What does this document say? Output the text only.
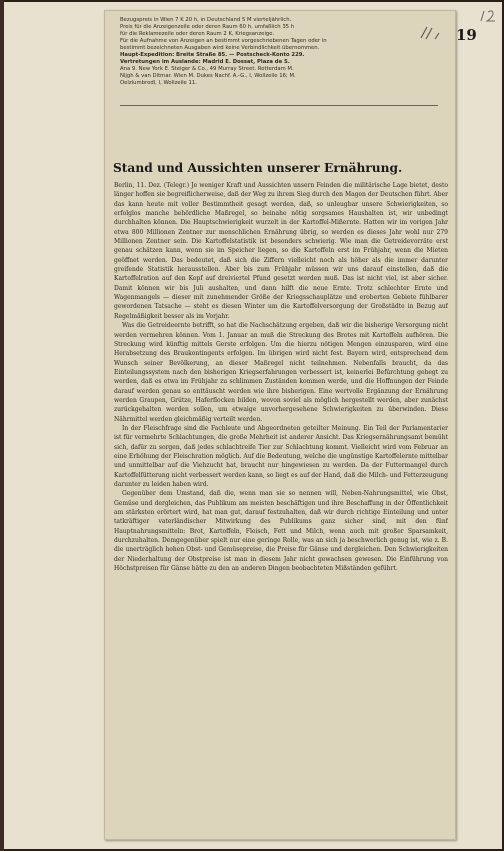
Bezugspreis in Wien 7 K 20 h, in Deutschland 5 M vierteljährlich.
Preis für die Anzeigenzeile oder deren Raum 60 h, umfaßlich 35 h
für die Reklamezeile oder deren Raum 2 K, Kriegsanzeige.
Für die Aufnahme von Anzeigen an bestimmt vorgeschriebenen Tagen oder in
bestimmt bezeichneten Ausgaben wird keine Verbindlichkeit übernommen.
Haupt-Expedition: Breite Straße 85. — Postscheck-Konto 229.
Vertretungen im Auslande: Madrid E. Dossat, Plaza de S.
Ana 9. New York E. Steiger & Co., 49 Murray Street. Rotterdam M.
Nijgh & van Ditmar. Wien M. Dukes Nachf. A.-G., I, Wollzeile 16; M.
Oelzlumbrodl, I, Wollzeile 11.
Stand und Aussichten unserer Ernährung.

Berlin, 11. Dez. (Telegr.) Je weniger Kraft und Aussichten unsern Feinden die militärische Lage bietet, desto länger hoffen sie begreiflicherweise, daß der Weg zu ihrem Sieg durch den Magen der Deutschen führt. Aber das kann heute mit voller Bestimmtheit gesagt werden, daß, so unleugbar unsere Schwierigkeiten, so erfolglos manche behördliche Maßregel, so beinahe nötig sorgsames Haushalten ist, wir unbedingt durchhalten können. Die Hauptschwierigkeit wurzelt in der Kartoffel-Mißernte. Hatten wir im vorigen Jahr etwa 800 Millionen Zentner zur menschlichen Ernährung übrig, so werden es dieses Jahr wohl nur 279 Millionen Zentner sein. Die Kartoffelstatistik ist besonders schwierig. Wie man die Getreidevorräte erst genau schätzen kann, wenn sie im Speicher liegen, so die Kartoffeln erst im Frühjahr, wenn die Mieten geöffnet werden. Das bedeutet, daß sich die Ziffern vielleicht noch als höher als die immer darunter greifende Statistik herausstellen. Aber bis zum Frühjahr müssen wir uns darauf einstellen, daß die Kartoffelration auf den Kopf auf dreiviertel Pfund gesetzt werden muß. Das ist nicht viel, ist aber sicher. Damit können wir bis Juli aushalten, und dann hilft die neue Ernte. Trotz schlechter Ernte und Wagenmangels — dieser mit zunehmender Größe der Kriegsschauplätze und eroberten Gebiete fühlbarer gewordenen Tatsache — steht es diesen Winter um die Kartoffelversorgung der Großstädte in Bezug auf Regelmäßigkeit besser als im Vorjahr.

Was die Getreideernte betrifft, so hat die Nachschätzung ergeben, daß wir die bisherige Versorgung nicht werden vermehren können. Vom 1. Januar an muß die Streckung des Brotes mit Kartoffeln aufhören. Die Streckung wird künftig mittels Gerste erfolgen. Um die hierzu nötigen Mengen einzusparen, wird eine Herabsetzung des Braukontingents erfolgen. Im übrigen wird nicht fest. Bayern wird, entsprechend dem Wunsch seiner Bevölkerung, an dieser Maßregel nicht teilnehmen. Nebenfalls braucht, da das Einteilungssystem nach den bisherigen Kriegserfahrungen verbessert ist, keinerlei Befürchtung gehegt zu werden, daß es etwa im Frühjahr zu schlimmen Zuständen kommen werde, und die Hoffnungen der Feinde darauf werden genau so enttäuscht werden wie ihre bisherigen. Eine wertvolle Ergänzung der Ernährung werden Graupen, Grütze, Haferflocken bilden, wovon soviel als möglich hergestellt werden, aber zunächst zurückgehalten werden sollen, um etwaige unvorhergesehene Schwierigkeiten zu überwinden. Diese Nährmittel werden gleichmäßig verteilt werden.

In der Fleischfrage sind die Fachleute und Abgeordneten geteilter Meinung. Ein Teil der Parlamentarier ist für vermehrte Schlachtungen, die große Mehrheit ist anderer Ansicht. Das Kriegsernährungsamt bemüht sich, dafür zu sorgen, daß jedes schlachtreife Tier zur Schlachtung kommt. Vielleicht wird vom Februar an eine Erhöhung der Fleischration möglich. Auf die Bedeutung, welche die ungünstige Kartoffelernte mittelbar und unmittelbar auf die Viehzucht hat, braucht nur hingewiesen zu werden. Da der Futtermangel durch Kartoffelfütterung nicht verbessert werden kann, so liegt es auf der Hand, daß die Milch- und Fetterzeugung darunter zu leiden haben wird.

Gegenüber dem Umstand, daß die, wenn man sie so nennen will, Neben-Nahrungsmittel, wie Obst, Gemüse und dergleichen, das Publikum am meisten beschäftigen und ihre Beschaffung in der Öffentlichkeit am stärksten erörtert wird, hat man gut, darauf festzuhalten, daß wir durch richtige Einteilung und unter tatkräftiger vaterländischer Mitwirkung des Publikums ganz sicher sind, mit den fünf Hauptnahrungsmitteln: Brot, Kartoffeln, Fleisch, Fett und Milch, wenn auch mit großer Sparsamkeit, durchzuhalten. Demgegenüber spielt nur eine geringe Rolle, was an sich ja beschwerlich genug ist, wie z. B. die unerträglich hohen Obst- und Gemüsepreise, die Preise für Gänse und dergleichen. Den Schwierigkeiten der Niederhaltung der Obstpreise ist man in diesem Jahr nicht gewachsen gewesen. Die Einführung von Höchstpreisen für Gänse hätte zu den an anderen Dingen beobachteten Mißständen geführt.

19
